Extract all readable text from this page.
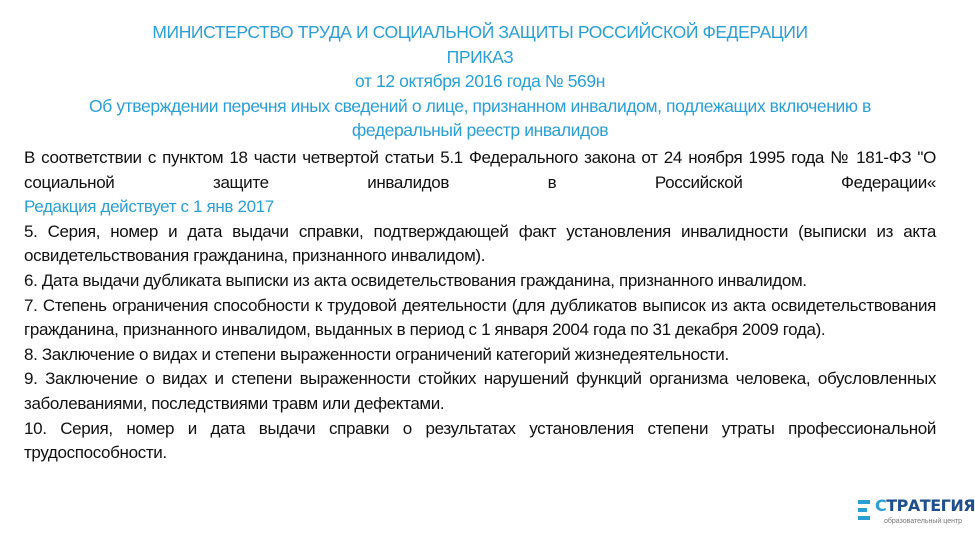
МИНИСТЕРСТВО ТРУДА И СОЦИАЛЬНОЙ ЗАЩИТЫ РОССИЙСКОЙ ФЕДЕРАЦИИ
ПРИКАЗ
от 12 октября 2016 года № 569н
Об утверждении перечня иных сведений о лице, признанном инвалидом, подлежащих включению в
федеральный реестр инвалидов

В соответствии с пунктом 18 части четвертой статьи 5.1 Федерального закона от 24 ноября 1995 года № 181-ФЗ "О социальной защите инвалидов в Российской Федерации«

Редакция действует с 1 янв 2017

5. Серия, номер и дата выдачи справки, подтверждающей факт установления инвалидности (выписки из акта освидетельствования гражданина, признанного инвалидом).

6. Дата выдачи дубликата выписки из акта освидетельствования гражданина, признанного инвалидом.

7. Степень ограничения способности к трудовой деятельности (для дубликатов выписок из акта освидетельствования гражданина, признанного инвалидом, выданных в период с 1 января 2004 года по 31 декабря 2009 года).

8. Заключение о видах и степени выраженности ограничений категорий жизнедеятельности.

9. Заключение о видах и степени выраженности стойких нарушений функций организма человека, обусловленных заболеваниями, последствиями травм или дефектами.

10. Серия, номер и дата выдачи справки о результатах установления степени утраты профессиональной трудоспособности.

СТРАТЕГИЯ
образовательный центр
